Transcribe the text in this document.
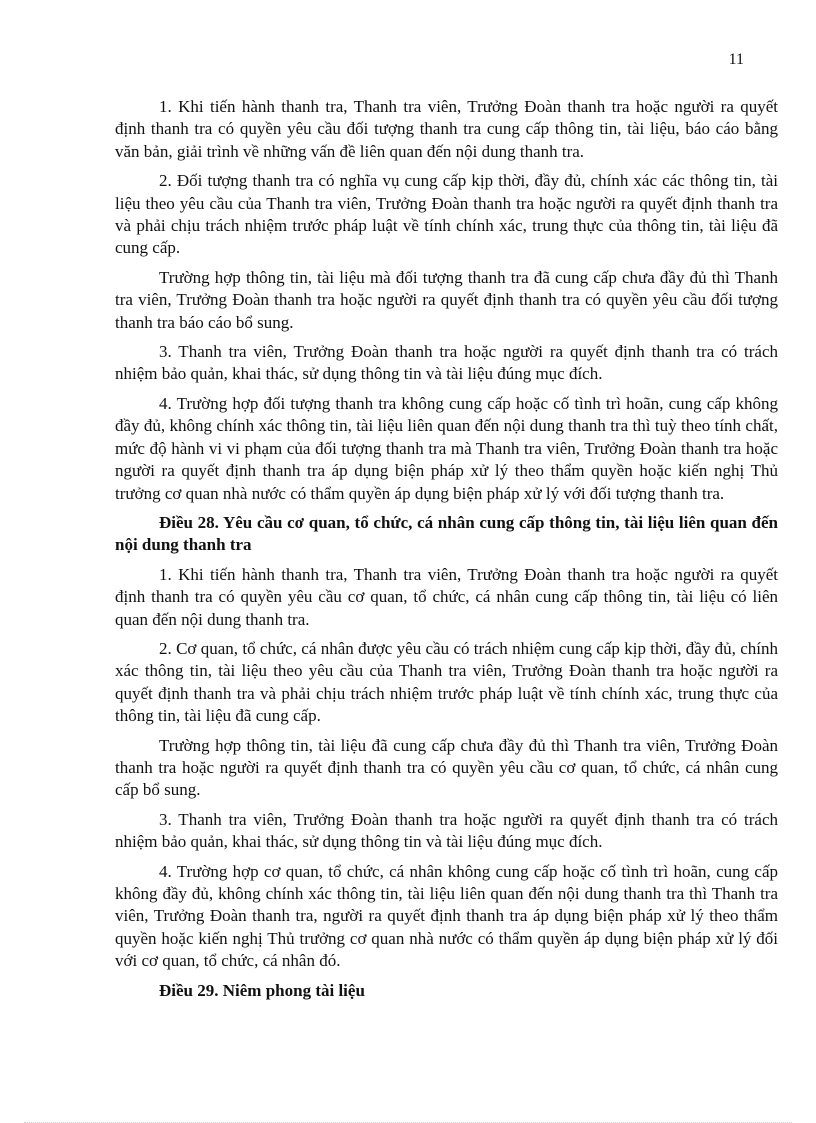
11

1. Khi tiến hành thanh tra, Thanh tra viên, Trưởng Đoàn thanh tra hoặc người ra quyết định thanh tra có quyền yêu cầu đối tượng thanh tra cung cấp thông tin, tài liệu, báo cáo bằng văn bản, giải trình về những vấn đề liên quan đến nội dung thanh tra.

2. Đối tượng thanh tra có nghĩa vụ cung cấp kịp thời, đầy đủ, chính xác các thông tin, tài liệu theo yêu cầu của Thanh tra viên, Trưởng Đoàn thanh tra hoặc người ra quyết định thanh tra và phải chịu trách nhiệm trước pháp luật về tính chính xác, trung thực của thông tin, tài liệu đã cung cấp.

Trường hợp thông tin, tài liệu mà đối tượng thanh tra đã cung cấp chưa đầy đủ thì Thanh tra viên, Trưởng Đoàn thanh tra hoặc người ra quyết định thanh tra có quyền yêu cầu đối tượng thanh tra báo cáo bổ sung.

3. Thanh tra viên, Trưởng Đoàn thanh tra hoặc người ra quyết định thanh tra có trách nhiệm bảo quản, khai thác, sử dụng thông tin và tài liệu đúng mục đích.

4. Trường hợp đối tượng thanh tra không cung cấp hoặc cố tình trì hoãn, cung cấp không đầy đủ, không chính xác thông tin, tài liệu liên quan đến nội dung thanh tra thì tuỳ theo tính chất, mức độ hành vi vi phạm của đối tượng thanh tra mà Thanh tra viên, Trưởng Đoàn thanh tra hoặc người ra quyết định thanh tra áp dụng biện pháp xử lý theo thẩm quyền hoặc kiến nghị Thủ trưởng cơ quan nhà nước có thẩm quyền áp dụng biện pháp xử lý với đối tượng thanh tra.

Điều 28. Yêu cầu cơ quan, tổ chức, cá nhân cung cấp thông tin, tài liệu liên quan đến nội dung thanh tra

1. Khi tiến hành thanh tra, Thanh tra viên, Trưởng Đoàn thanh tra hoặc người ra quyết định thanh tra có quyền yêu cầu cơ quan, tổ chức, cá nhân cung cấp thông tin, tài liệu có liên quan đến nội dung thanh tra.

2. Cơ quan, tổ chức, cá nhân được yêu cầu có trách nhiệm cung cấp kịp thời, đầy đủ, chính xác thông tin, tài liệu theo yêu cầu của Thanh tra viên, Trưởng Đoàn thanh tra hoặc người ra quyết định thanh tra và phải chịu trách nhiệm trước pháp luật về tính chính xác, trung thực của thông tin, tài liệu đã cung cấp.

Trường hợp thông tin, tài liệu đã cung cấp chưa đầy đủ thì Thanh tra viên, Trưởng Đoàn thanh tra hoặc người ra quyết định thanh tra có quyền yêu cầu cơ quan, tổ chức, cá nhân cung cấp bổ sung.

3. Thanh tra viên, Trưởng Đoàn thanh tra hoặc người ra quyết định thanh tra có trách nhiệm bảo quản, khai thác, sử dụng thông tin và tài liệu đúng mục đích.

4. Trường hợp cơ quan, tổ chức, cá nhân không cung cấp hoặc cố tình trì hoãn, cung cấp không đầy đủ, không chính xác thông tin, tài liệu liên quan đến nội dung thanh tra thì Thanh tra viên, Trưởng Đoàn thanh tra, người ra quyết định thanh tra áp dụng biện pháp xử lý theo thẩm quyền hoặc kiến nghị Thủ trưởng cơ quan nhà nước có thẩm quyền áp dụng biện pháp xử lý đối với cơ quan, tổ chức, cá nhân đó.

Điều 29. Niêm phong tài liệu
